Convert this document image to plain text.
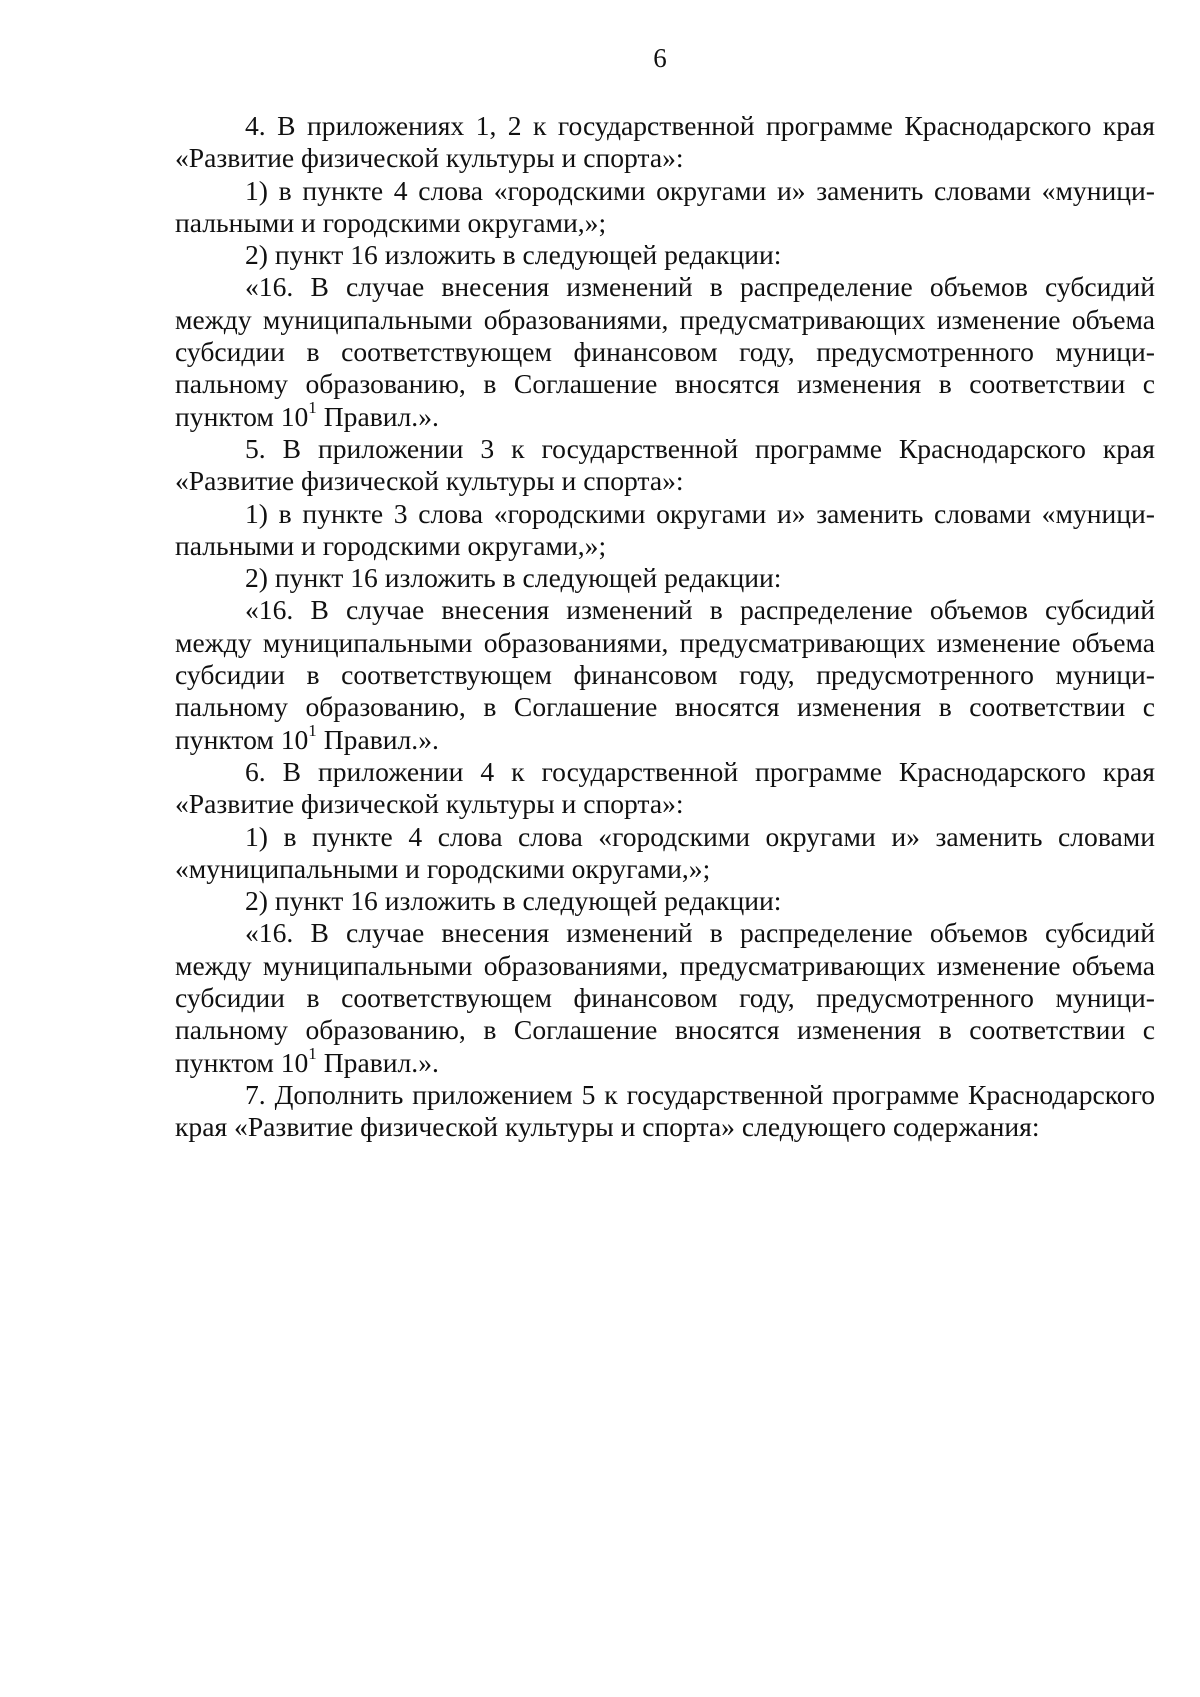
6

4. В приложениях 1, 2 к государственной программе Краснодарского края «Развитие физической культуры и спорта»:

1) в пункте 4 слова «городскими округами и» заменить словами «муниципальными и городскими округами,»;

2) пункт 16 изложить в следующей редакции:

«16. В случае внесения изменений в распределение объемов субсидий между муниципальными образованиями, предусматривающих изменение объема субсидии в соответствующем финансовом году, предусмотренного муниципальному образованию, в Соглашение вносятся изменения в соответствии с пунктом $10^1$ Правил.».

5. В приложении 3 к государственной программе Краснодарского края «Развитие физической культуры и спорта»:

1) в пункте 3 слова «городскими округами и» заменить словами «муниципальными и городскими округами,»;

2) пункт 16 изложить в следующей редакции:

«16. В случае внесения изменений в распределение объемов субсидий между муниципальными образованиями, предусматривающих изменение объема субсидии в соответствующем финансовом году, предусмотренного муниципальному образованию, в Соглашение вносятся изменения в соответствии с пунктом $10^1$ Правил.».

6. В приложении 4 к государственной программе Краснодарского края «Развитие физической культуры и спорта»:

1) в пункте 4 слова слова «городскими округами и» заменить словами «муниципальными и городскими округами,»;

2) пункт 16 изложить в следующей редакции:

«16. В случае внесения изменений в распределение объемов субсидий между муниципальными образованиями, предусматривающих изменение объема субсидии в соответствующем финансовом году, предусмотренного муниципальному образованию, в Соглашение вносятся изменения в соответствии с пунктом $10^1$ Правил.».

7. Дополнить приложением 5 к государственной программе Краснодарского края «Развитие физической культуры и спорта» следующего содержания:
